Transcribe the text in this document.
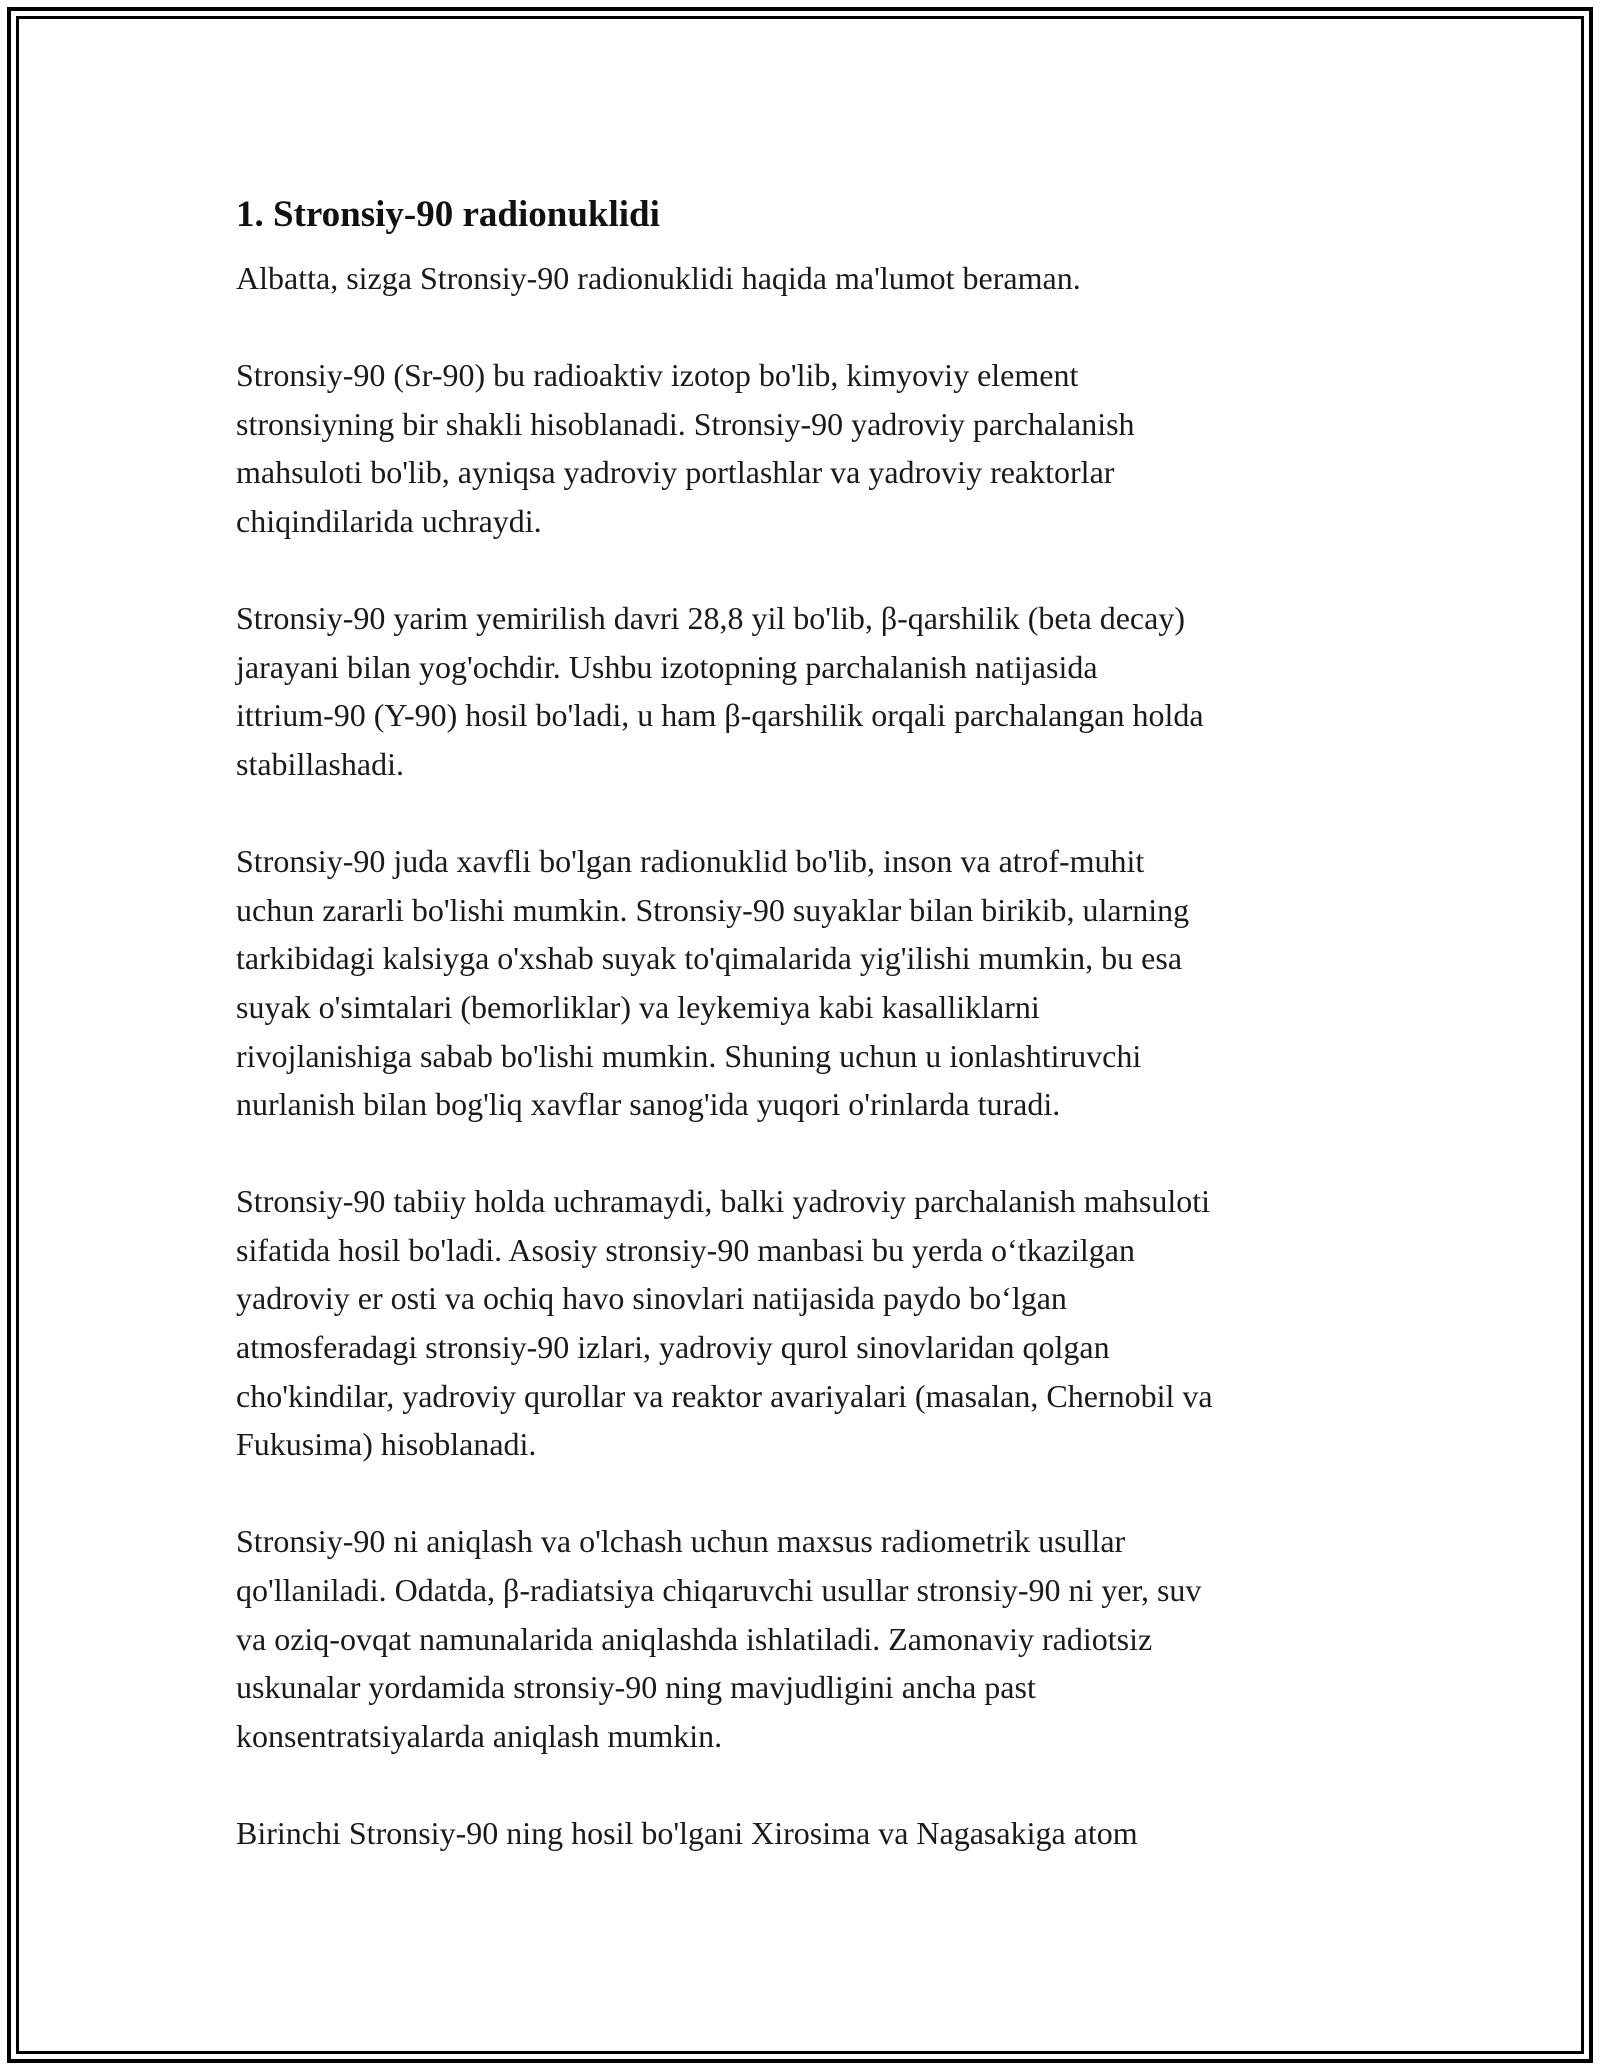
1. Stronsiy-90 radionuklidi

Albatta, sizga Stronsiy-90 radionuklidi haqida ma'lumot beraman.

Stronsiy-90 (Sr-90) bu radioaktiv izotop bo'lib, kimyoviy element
stronsiyning bir shakli hisoblanadi. Stronsiy-90 yadroviy parchalanish
mahsuloti bo'lib, ayniqsa yadroviy portlashlar va yadroviy reaktorlar
chiqindilarida uchraydi.

Stronsiy-90 yarim yemirilish davri 28,8 yil bo'lib, β-qarshilik (beta decay)
jarayani bilan yog'ochdir. Ushbu izotopning parchalanish natijasida
ittrium-90 (Y-90) hosil bo'ladi, u ham β-qarshilik orqali parchalangan holda
stabillashadi.

Stronsiy-90 juda xavfli bo'lgan radionuklid bo'lib, inson va atrof-muhit
uchun zararli bo'lishi mumkin. Stronsiy-90 suyaklar bilan birikib, ularning
tarkibidagi kalsiyga o'xshab suyak to'qimalarida yig'ilishi mumkin, bu esa
suyak o'simtalari (bemorliklar) va leykemiya kabi kasalliklarni
rivojlanishiga sabab bo'lishi mumkin. Shuning uchun u ionlashtiruvchi
nurlanish bilan bog'liq xavflar sanog'ida yuqori o'rinlarda turadi.

Stronsiy-90 tabiiy holda uchramaydi, balki yadroviy parchalanish mahsuloti
sifatida hosil bo'ladi. Asosiy stronsiy-90 manbasi bu yerda o‘tkazilgan
yadroviy er osti va ochiq havo sinovlari natijasida paydo bo‘lgan
atmosferadagi stronsiy-90 izlari, yadroviy qurol sinovlaridan qolgan
cho'kindilar, yadroviy qurollar va reaktor avariyalari (masalan, Chernobil va
Fukusima) hisoblanadi.

Stronsiy-90 ni aniqlash va o'lchash uchun maxsus radiometrik usullar
qo'llaniladi. Odatda, β-radiatsiya chiqaruvchi usullar stronsiy-90 ni yer, suv
va oziq-ovqat namunalarida aniqlashda ishlatiladi. Zamonaviy radiotsiz
uskunalar yordamida stronsiy-90 ning mavjudligini ancha past
konsentratsiyalarda aniqlash mumkin.

Birinchi Stronsiy-90 ning hosil bo'lgani Xirosima va Nagasakiga atom
